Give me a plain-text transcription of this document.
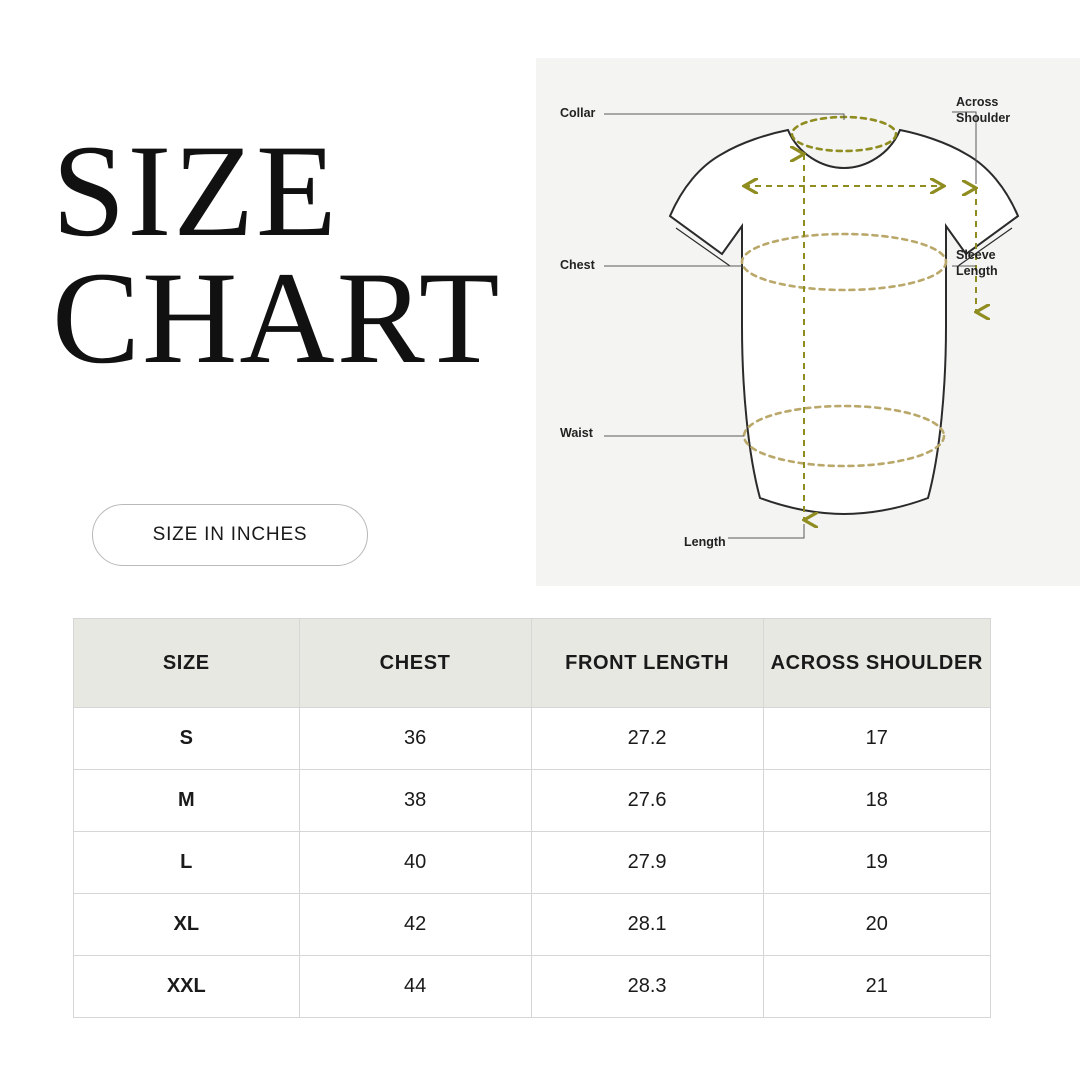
SIZE
CHART
SIZE IN INCHES
Collar
Chest
Waist
Across
Shoulder
Sleeve
Length
Length
SIZE	CHEST	FRONT LENGTH	ACROSS SHOULDER
S	36	27.2	17
M	38	27.6	18
L	40	27.9	19
XL	42	28.1	20
XXL	44	28.3	21
